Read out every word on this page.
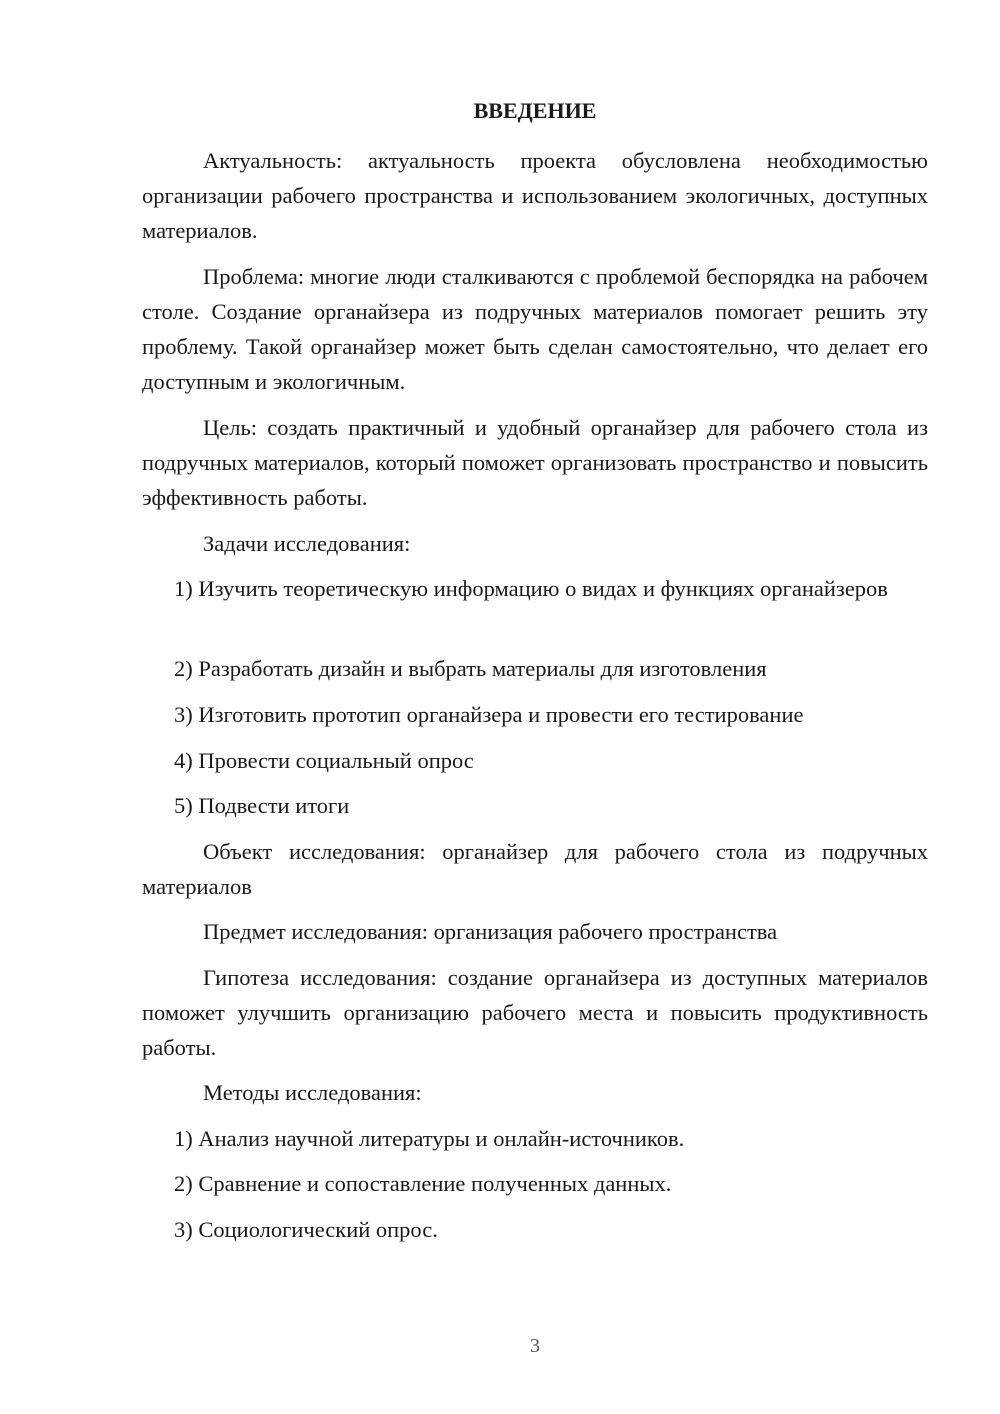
ВВЕДЕНИЕ

Актуальность: актуальность проекта обусловлена необходимостью организации рабочего пространства и использованием экологичных, доступных материалов.

Проблема: многие люди сталкиваются с проблемой беспорядка на рабочем столе. Создание органайзера из подручных материалов помогает решить эту проблему. Такой органайзер может быть сделан самостоятельно, что делает его доступным и экологичным.

Цель: создать практичный и удобный органайзер для рабочего стола из подручных материалов, который поможет организовать пространство и повысить эффективность работы.

Задачи исследования:

1) Изучить теоретическую информацию о видах и функциях органайзеров

2) Разработать дизайн и выбрать материалы для изготовления

3) Изготовить прототип органайзера и провести его тестирование

4) Провести социальный опрос

5) Подвести итоги

Объект исследования: органайзер для рабочего стола из подручных материалов

Предмет исследования: организация рабочего пространства

Гипотеза исследования: создание органайзера из доступных материалов поможет улучшить организацию рабочего места и повысить продуктивность работы.

Методы исследования:

1) Анализ научной литературы и онлайн-источников.

2) Сравнение и сопоставление полученных данных.

3) Социологический опрос.

3
